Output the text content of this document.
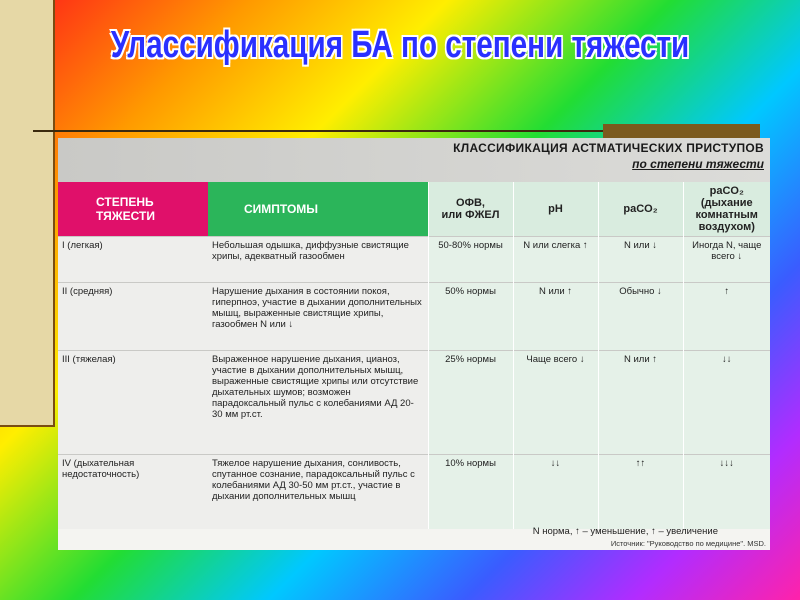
Уласcификация БА по степени тяжести
КЛАССИФИКАЦИЯ АСТМАТИЧЕСКИХ ПРИСТУПОВ
по степени тяжести
СТЕПЕНЬ
ТЯЖЕСТИ	СИМПТОМЫ	ОФВ,
или ФЖЕЛ	pH	paCO₂	paCO₂
(дыхание
комнатным
воздухом)
I (легкая)	Небольшая одышка, диффузные свистящие хрипы, адекватный газообмен	50-80% нормы	N или слегка ↑	N или ↓	Иногда N, чаще всего ↓
II (средняя)	Нарушение дыхания в состоянии покоя, гиперпноэ, участие в дыхании дополнительных мышц, выраженные свистящие хрипы, газообмен N или ↓	50% нормы	N или ↑	Обычно ↓	↑
III (тяжелая)	Выраженное нарушение дыхания, цианоз, участие в дыхании дополнительных мышц, выраженные свистящие хрипы или отсутствие дыхательных шумов; возможен парадоксальный пульс с колебаниями АД 20-30 мм рт.ст.	25% нормы	Чаще всего ↓	N или ↑	↓↓
IV (дыхательная недостаточность)	Тяжелое нарушение дыхания, сонливость, спутанное сознание, парадоксальный пульс с колебаниями АД 30-50 мм рт.ст., участие в дыхании дополнительных мышц	10% нормы	↓↓	↑↑	↓↓↓
N норма, ↑ – уменьшение, ↑ – увеличение
Источник: "Руководство по медицине". MSD.
